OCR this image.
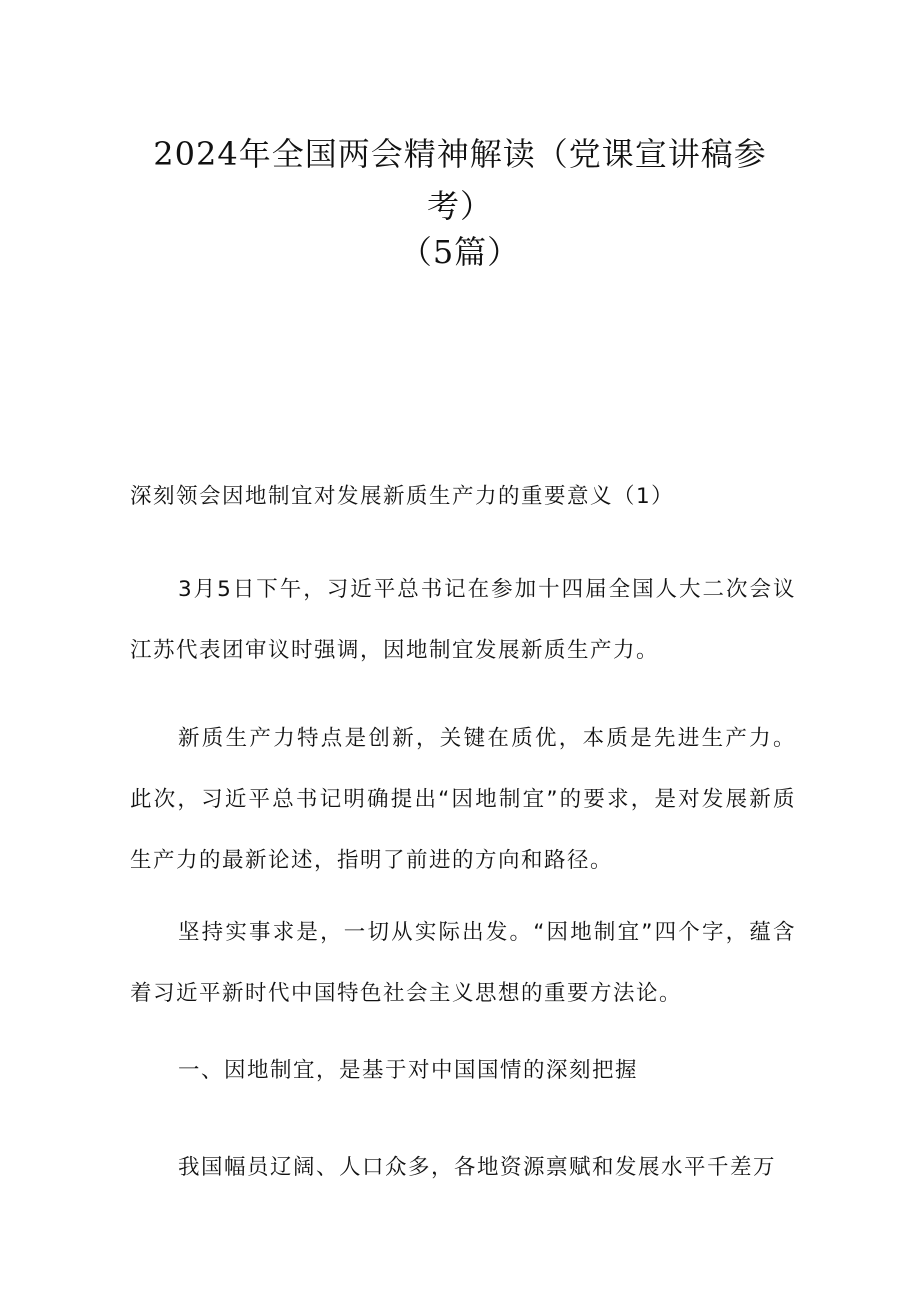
2024年全国两会精神解读（党课宣讲稿参
考）
（5篇）

深刻领会因地制宜对发展新质生产力的重要意义（1）

3月5日下午，习近平总书记在参加十四届全国人大二次会议江苏代表团审议时强调，因地制宜发展新质生产力。

新质生产力特点是创新，关键在质优，本质是先进生产力。此次，习近平总书记明确提出“因地制宜”的要求，是对发展新质生产力的最新论述，指明了前进的方向和路径。

坚持实事求是，一切从实际出发。“因地制宜”四个字，蕴含着习近平新时代中国特色社会主义思想的重要方法论。

一、因地制宜，是基于对中国国情的深刻把握

我国幅员辽阔、人口众多，各地资源禀赋和发展水平千差万
